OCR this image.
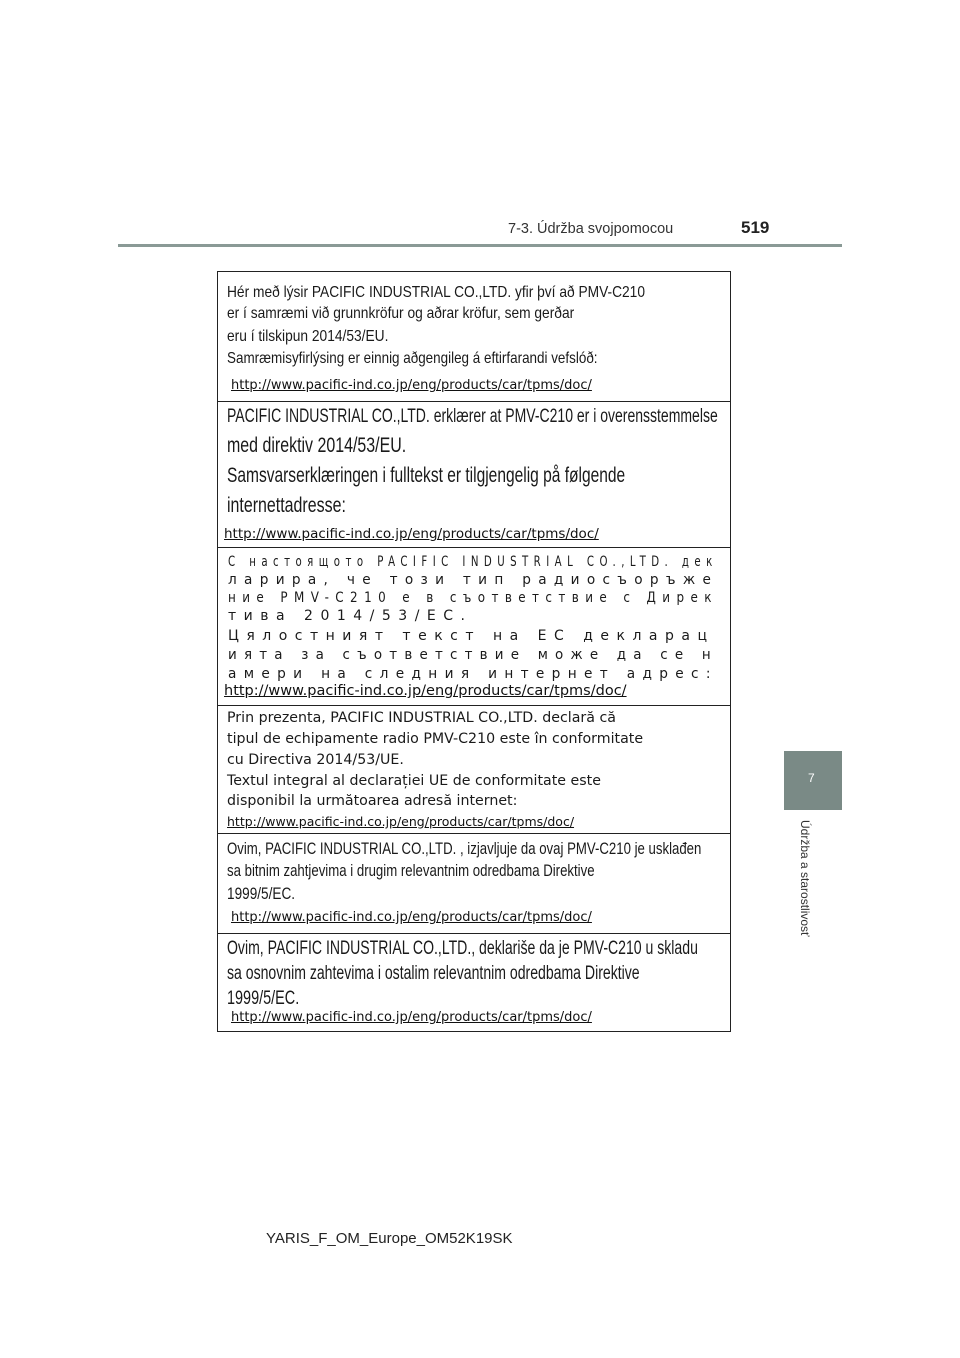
7-3. Údržba svojpomocou	519
7
Údržba a starostlivosť
Hér með lýsir PACIFIC INDUSTRIAL CO.,LTD. yfir því að PMV-C210
er í samræmi við grunnkröfur og aðrar kröfur, sem gerðar
eru í tilskipun 2014/53/EU.
Samræmisyfirlýsing er einnig aðgengileg á eftirfarandi vefslóð:
http://www.pacific-ind.co.jp/eng/products/car/tpms/doc/
PACIFIC INDUSTRIAL CO.,LTD. erklærer at PMV-C210 er i overensstemmelse
med direktiv 2014/53/EU.
Samsvarserklæringen i fulltekst er tilgjengelig på følgende
internettadresse:
http://www.pacific-ind.co.jp/eng/products/car/tpms/doc/
С настоящото PACIFIC INDUSTRIAL CO.,LTD. дек
ларира, че този тип радиосъоръже
ние PMV-C210 е в съответствие с Дирек
тива 2014/53/ЕС.
Цялостният текст на ЕС декларац
ията за съответствие може да се н
амери на следния интернет адрес:
http://www.pacific-ind.co.jp/eng/products/car/tpms/doc/
Prin prezenta, PACIFIC INDUSTRIAL CO.,LTD. declară că
tipul de echipamente radio PMV-C210 este în conformitate
cu Directiva 2014/53/UE.
Textul integral al declarației UE de conformitate este
disponibil la următoarea adresă internet:
http://www.pacific-ind.co.jp/eng/products/car/tpms/doc/
Ovim, PACIFIC INDUSTRIAL CO.,LTD. , izjavljuje da ovaj PMV-C210 je usklađen
sa bitnim zahtjevima i drugim relevantnim odredbama Direktive
1999/5/EC.
http://www.pacific-ind.co.jp/eng/products/car/tpms/doc/
Ovim, PACIFIC INDUSTRIAL CO.,LTD., deklariše da je PMV-C210 u skladu
sa osnovnim zahtevima i ostalim relevantnim odredbama Direktive
1999/5/EC.
http://www.pacific-ind.co.jp/eng/products/car/tpms/doc/
YARIS_F_OM_Europe_OM52K19SK
